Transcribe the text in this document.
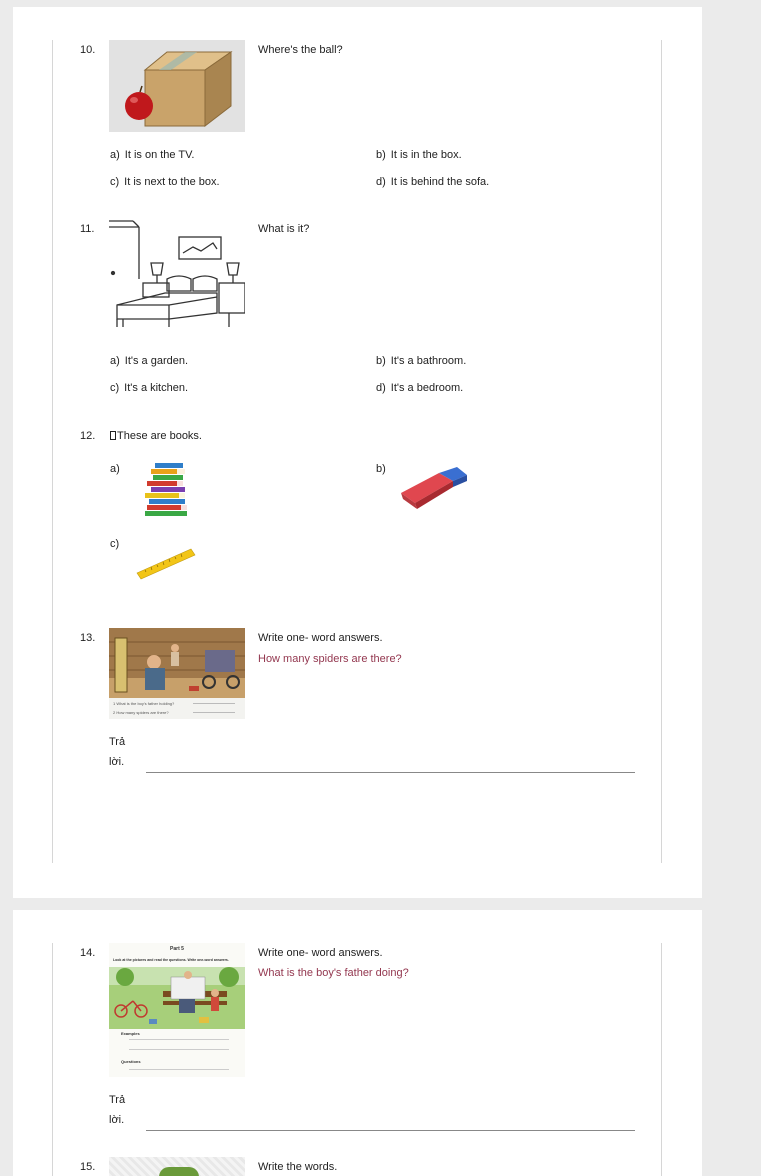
10.	Where's the ball?
a) It is on the TV.	b) It is in the box.
c) It is next to the box.	d) It is behind the sofa.
11.	What is it?
a) It's a garden.	b) It's a bathroom.
c) It's a kitchen.	d) It's a bedroom.
12.	These are books.
a)	b)
c)
13.
1 What is the boy's father holding?
2 How many spiders are there?
Write one- word answers.
How many spiders are there?
Trả
lời.
14.	Part 5
Look at the pictures and read the questions. Write one-word answers.
Examples
Questions
Write one- word answers.
What is the boy's father doing?
Trả
lời.
15.	Write the words.
